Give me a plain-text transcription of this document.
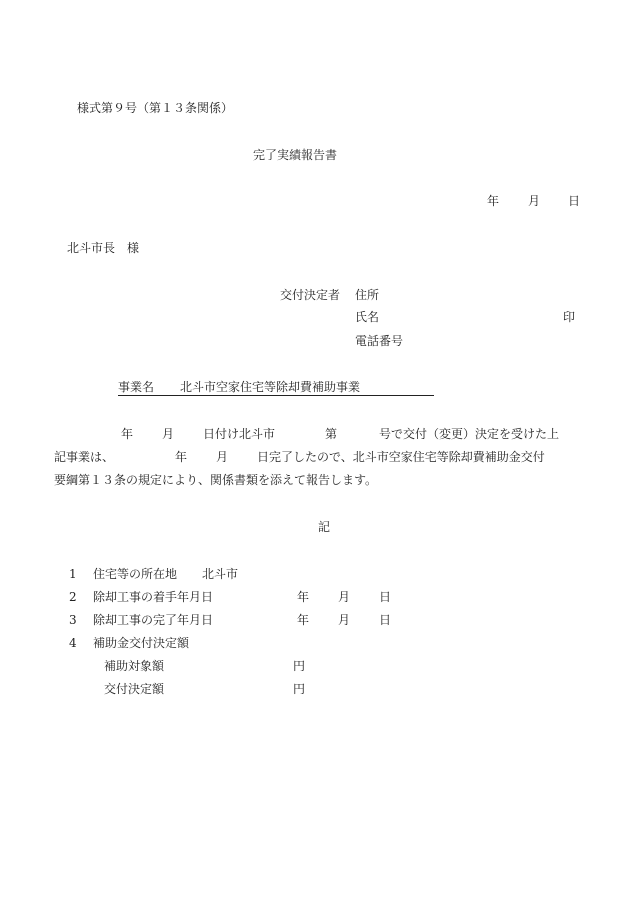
様式第９号（第１３条関係）
完了実績報告書
年 月 日
北斗市長　様
交付決定者 住所
氏名	印
電話番号
事業名 北斗市空家住宅等除却費補助事業
年 月 日付け北斗市	第	号で交付（変更）決定を受けた上
記事業は、	年 月 日完了したので、北斗市空家住宅等除却費補助金交付
要綱第１３条の規定により、関係書類を添えて報告します。
記
1 住宅等の所在地 北斗市
2 除却工事の着手年月日	年 月 日
3 除却工事の完了年月日	年 月 日
4 補助金交付決定額
補助対象額	円
交付決定額	円
